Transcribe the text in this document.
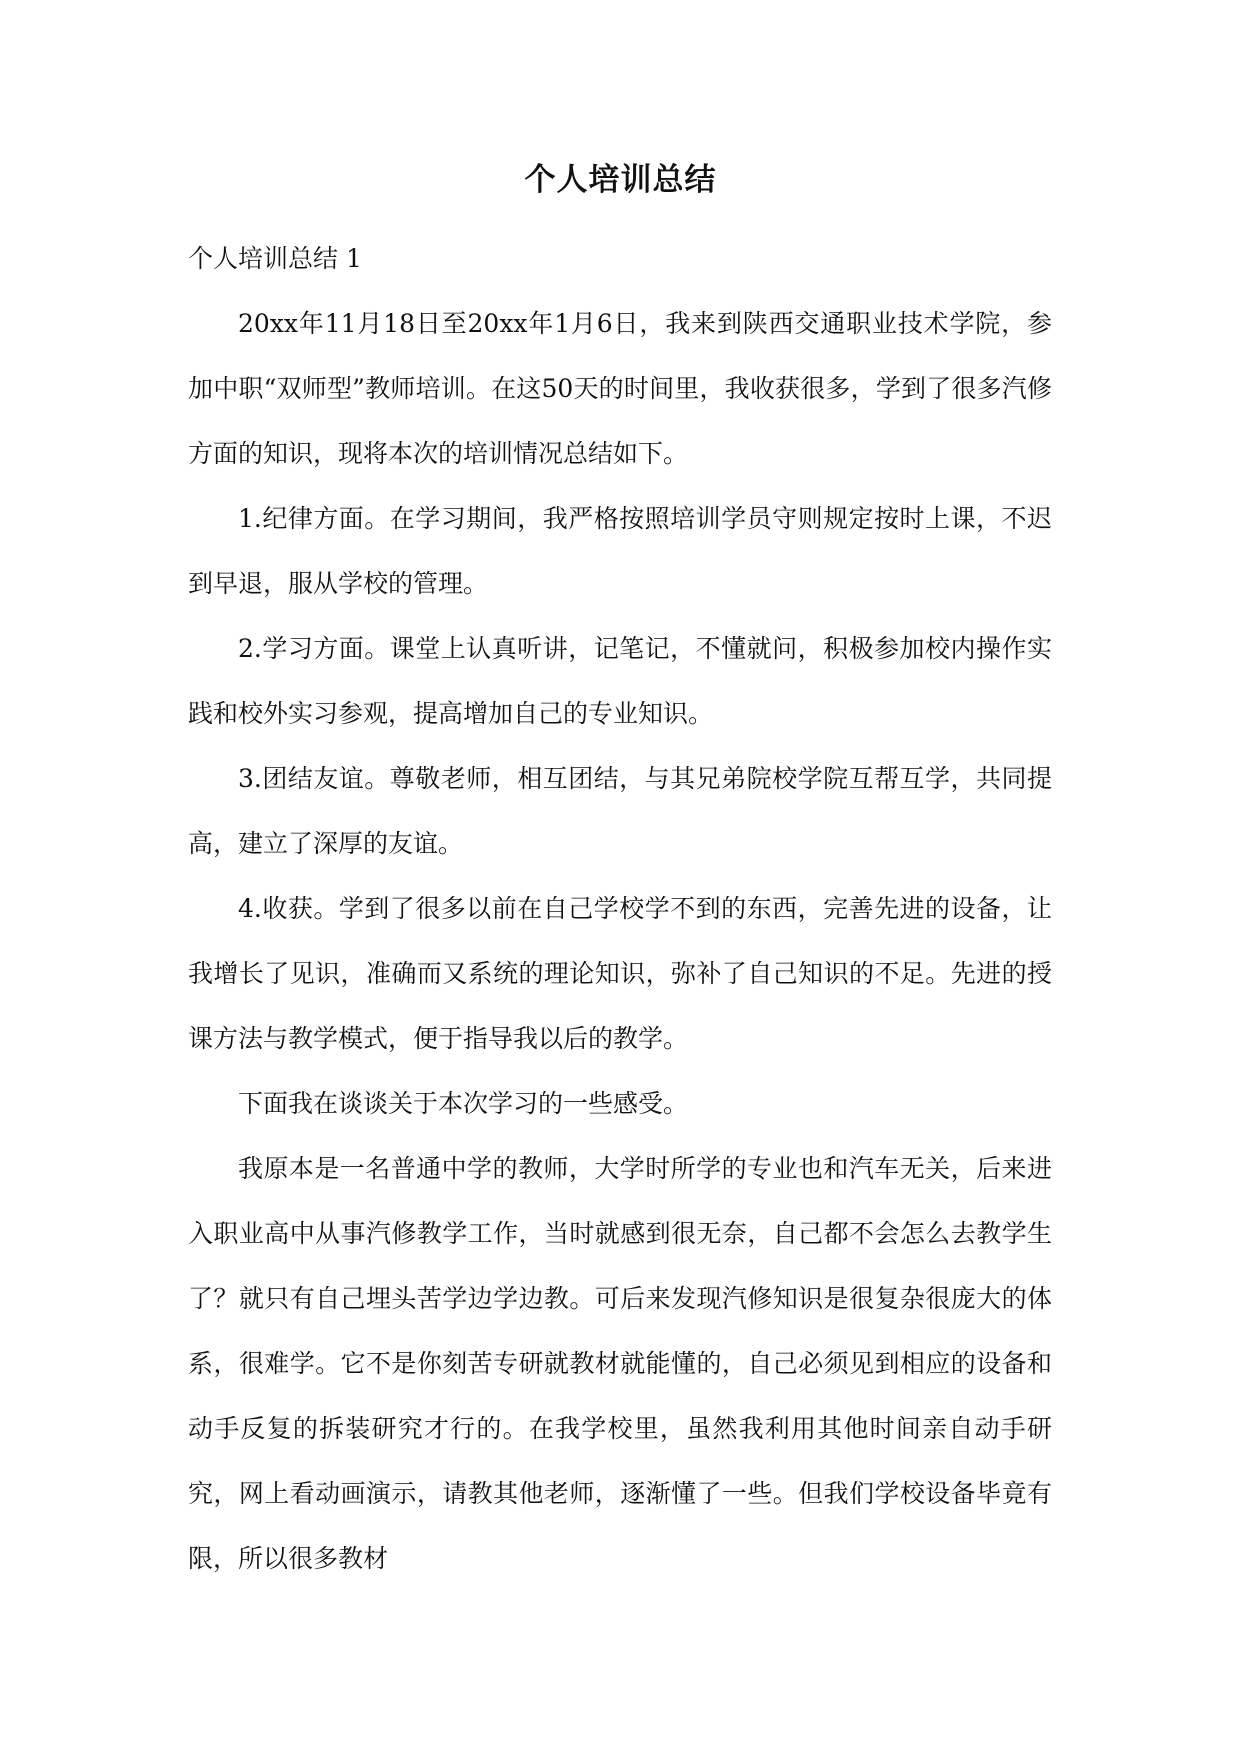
个人培训总结

个人培训总结 1

20xx年11月18日至20xx年1月6日，我来到陕西交通职业技术学院，参加中职“双师型”教师培训。在这50天的时间里，我收获很多，学到了很多汽修方面的知识，现将本次的培训情况总结如下。

1.纪律方面。在学习期间，我严格按照培训学员守则规定按时上课，不迟到早退，服从学校的管理。

2.学习方面。课堂上认真听讲，记笔记，不懂就问，积极参加校内操作实践和校外实习参观，提高增加自己的专业知识。

3.团结友谊。尊敬老师，相互团结，与其兄弟院校学院互帮互学，共同提高，建立了深厚的友谊。

4.收获。学到了很多以前在自己学校学不到的东西，完善先进的设备，让我增长了见识，准确而又系统的理论知识，弥补了自己知识的不足。先进的授课方法与教学模式，便于指导我以后的教学。

下面我在谈谈关于本次学习的一些感受。

我原本是一名普通中学的教师，大学时所学的专业也和汽车无关，后来进入职业高中从事汽修教学工作，当时就感到很无奈，自己都不会怎么去教学生了？就只有自己埋头苦学边学边教。可后来发现汽修知识是很复杂很庞大的体系，很难学。它不是你刻苦专研就教材就能懂的，自己必须见到相应的设备和动手反复的拆装研究才行的。在我学校里，虽然我利用其他时间亲自动手研究，网上看动画演示，请教其他老师，逐渐懂了一些。但我们学校设备毕竟有限，所以很多教材
